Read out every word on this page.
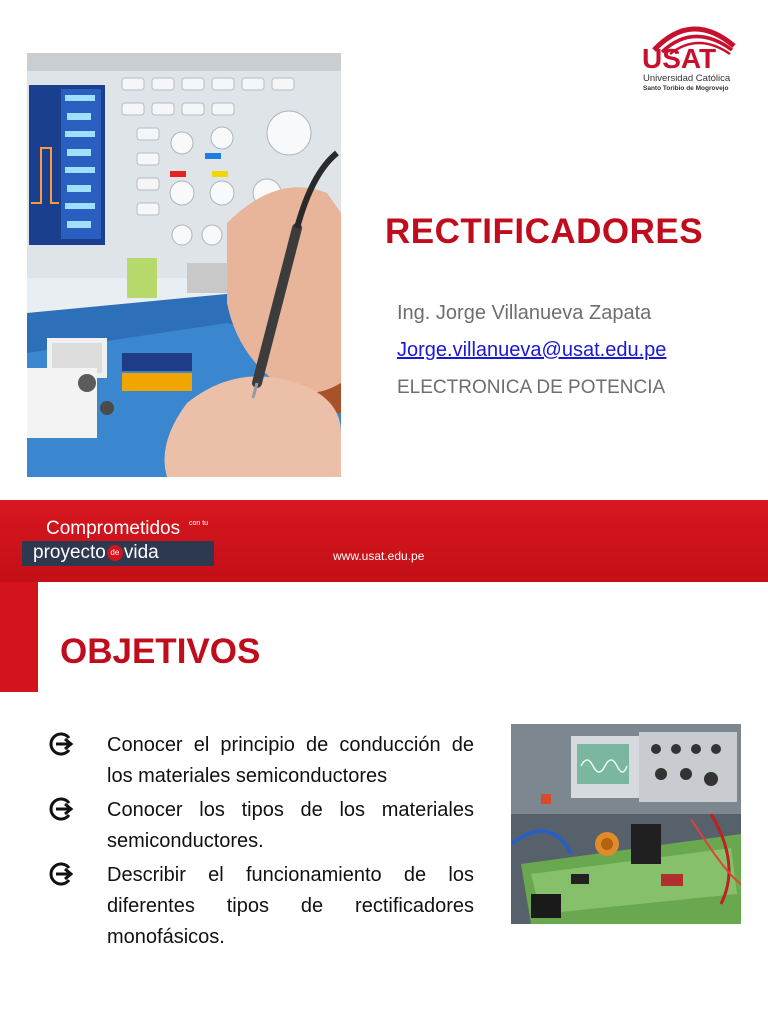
USAT
Universidad Católica
Santo Toribio de Mogrovejo
RECTIFICADORES
Ing. Jorge Villanueva Zapata
Jorge.villanueva@usat.edu.pe
ELECTRONICA DE POTENCIA
Comprometidos con tu
proyecto de vida	www.usat.edu.pe
OBJETIVOS
Conocer el principio de conducción de los materiales semiconductores
Conocer los tipos de los materiales semiconductores.
Describir el funcionamiento de los diferentes tipos de rectificadores monofásicos.
